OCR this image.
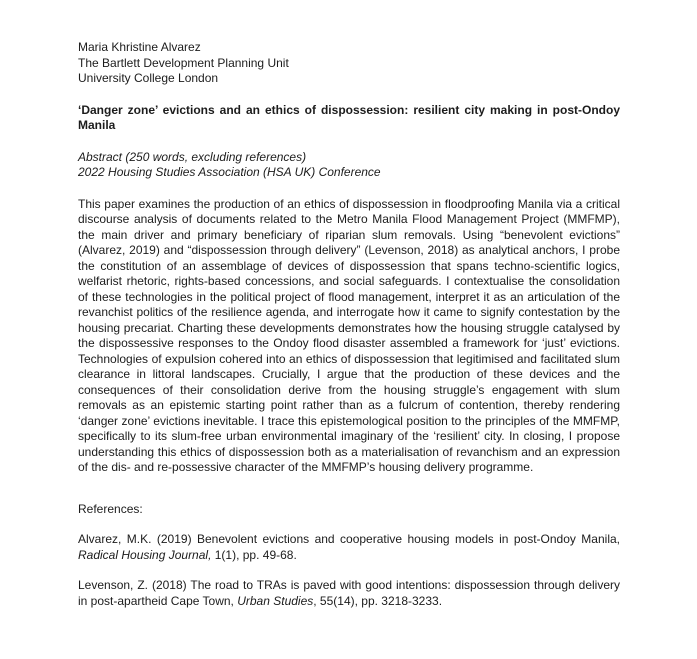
Maria Khristine Alvarez
The Bartlett Development Planning Unit
University College London

‘Danger zone’ evictions and an ethics of dispossession: resilient city making in post-Ondoy Manila

Abstract (250 words, excluding references)
2022 Housing Studies Association (HSA UK) Conference

This paper examines the production of an ethics of dispossession in floodproofing Manila via a critical discourse analysis of documents related to the Metro Manila Flood Management Project (MMFMP), the main driver and primary beneficiary of riparian slum removals. Using “benevolent evictions” (Alvarez, 2019) and “dispossession through delivery” (Levenson, 2018) as analytical anchors, I probe the constitution of an assemblage of devices of dispossession that spans techno-scientific logics, welfarist rhetoric, rights-based concessions, and social safeguards. I contextualise the consolidation of these technologies in the political project of flood management, interpret it as an articulation of the revanchist politics of the resilience agenda, and interrogate how it came to signify contestation by the housing precariat. Charting these developments demonstrates how the housing struggle catalysed by the dispossessive responses to the Ondoy flood disaster assembled a framework for ‘just’ evictions. Technologies of expulsion cohered into an ethics of dispossession that legitimised and facilitated slum clearance in littoral landscapes. Crucially, I argue that the production of these devices and the consequences of their consolidation derive from the housing struggle’s engagement with slum removals as an epistemic starting point rather than as a fulcrum of contention, thereby rendering ‘danger zone’ evictions inevitable. I trace this epistemological position to the principles of the MMFMP, specifically to its slum-free urban environmental imaginary of the ‘resilient’ city. In closing, I propose understanding this ethics of dispossession both as a materialisation of revanchism and an expression of the dis- and re-possessive character of the MMFMP’s housing delivery programme.

References:

Alvarez, M.K. (2019) Benevolent evictions and cooperative housing models in post-Ondoy Manila, Radical Housing Journal, 1(1), pp. 49-68.

Levenson, Z. (2018) The road to TRAs is paved with good intentions: dispossession through delivery in post-apartheid Cape Town, Urban Studies, 55(14), pp. 3218-3233.
